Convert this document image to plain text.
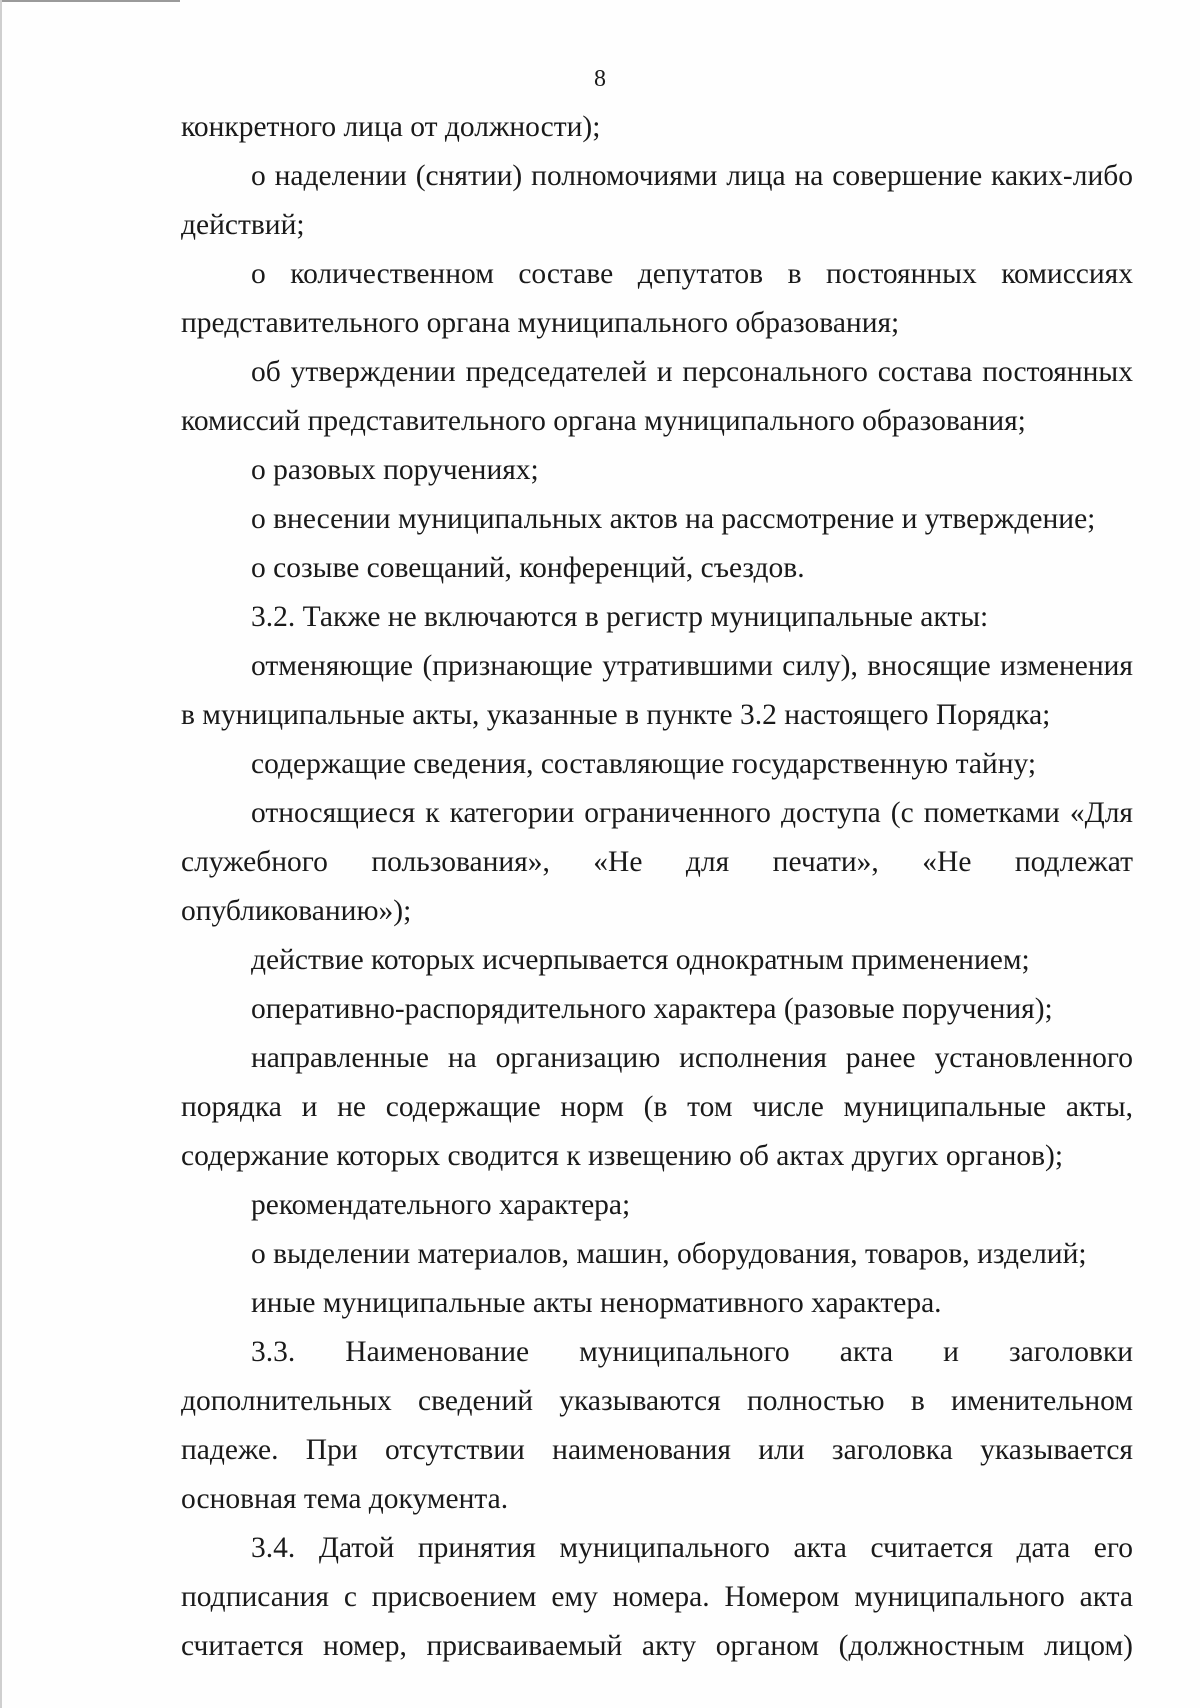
8

конкретного лица от должности);

о наделении (снятии) полномочиями лица на совершение каких-либо действий;

о количественном составе депутатов в постоянных комиссиях представительного органа муниципального образования;

об утверждении председателей и персонального состава постоянных комиссий представительного органа муниципального образования;

о разовых поручениях;

о внесении муниципальных актов на рассмотрение и утверждение;

о созыве совещаний, конференций, съездов.

3.2. Также не включаются в регистр муниципальные акты:

отменяющие (признающие утратившими силу), вносящие изменения в муниципальные акты, указанные в пункте 3.2 настоящего Порядка;

содержащие сведения, составляющие государственную тайну;

относящиеся к категории ограниченного доступа (с пометками «Для служебного пользования», «Не для печати», «Не подлежат опубликованию»);

действие которых исчерпывается однократным применением;

оперативно-распорядительного характера (разовые поручения);

направленные на организацию исполнения ранее установленного порядка и не содержащие норм (в том числе муниципальные акты, содержание которых сводится к извещению об актах других органов);

рекомендательного характера;

о выделении материалов, машин, оборудования, товаров, изделий;

иные муниципальные акты ненормативного характера.

3.3. Наименование муниципального акта и заголовки дополнительных сведений указываются полностью в именительном падеже. При отсутствии наименования или заголовка указывается основная тема документа.

3.4. Датой принятия муниципального акта считается дата его подписания с присвоением ему номера. Номером муниципального акта считается номер, присваиваемый акту органом (должностным лицом)
